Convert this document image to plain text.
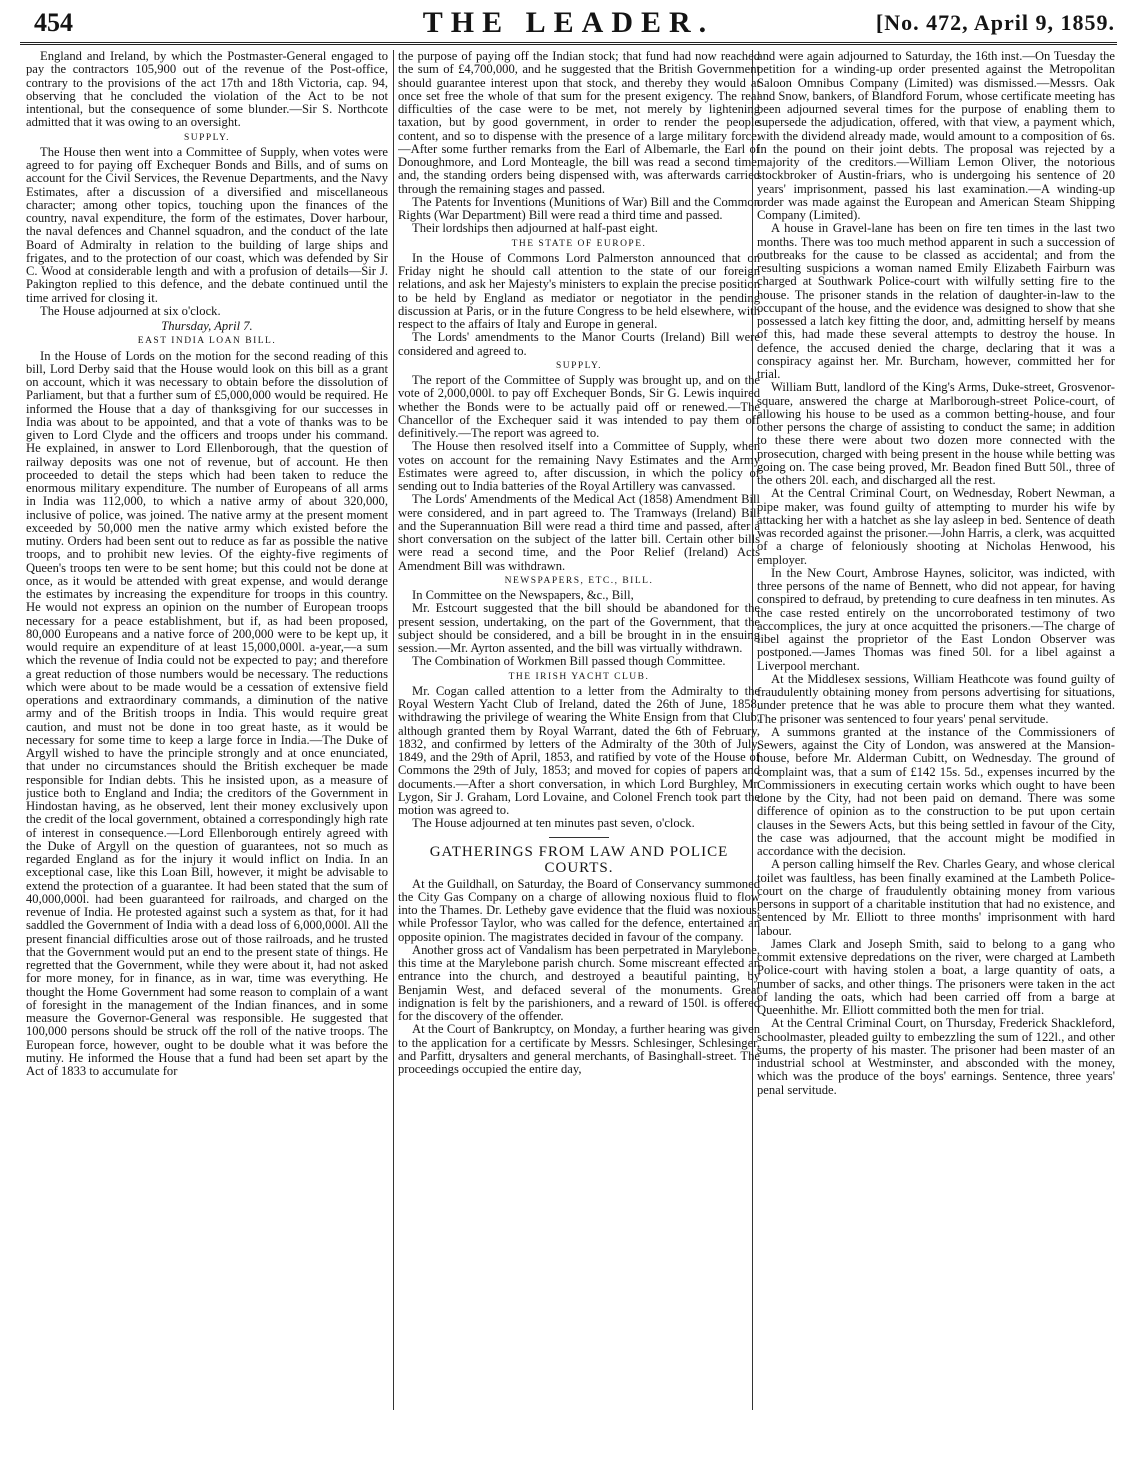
454	THE LEADER.	[No. 472, April 9, 1859.

England and Ireland, by which the Postmaster-General engaged to pay the contractors 105,900 out of the revenue of the Post-office, contrary to the provisions of the act 17th and 18th Victoria, cap. 94, observing that he concluded the violation of the Act to be not intentional, but the consequence of some blunder.—Sir S. Northcote admitted that it was owing to an oversight.

SUPPLY.

The House then went into a Committee of Supply, when votes were agreed to for paying off Exchequer Bonds and Bills, and of sums on account for the Civil Services, the Revenue Departments, and the Navy Estimates, after a discussion of a diversified and miscellaneous character; among other topics, touching upon the finances of the country, naval expenditure, the form of the estimates, Dover harbour, the naval defences and Channel squadron, and the conduct of the late Board of Admiralty in relation to the building of large ships and frigates, and to the protection of our coast, which was defended by Sir C. Wood at considerable length and with a profusion of details—Sir J. Pakington replied to this defence, and the debate continued until the time arrived for closing it.

The House adjourned at six o'clock.

Thursday, April 7.

EAST INDIA LOAN BILL.

In the House of Lords on the motion for the second reading of this bill, Lord Derby said that the House would look on this bill as a grant on account, which it was necessary to obtain before the dissolution of Parliament, but that a further sum of £5,000,000 would be required. He informed the House that a day of thanksgiving for our successes in India was about to be appointed, and that a vote of thanks was to be given to Lord Clyde and the officers and troops under his command. He explained, in answer to Lord Ellenborough, that the question of railway deposits was one not of revenue, but of account. He then proceeded to detail the steps which had been taken to reduce the enormous military expenditure. The number of Europeans of all arms in India was 112,000, to which a native army of about 320,000, inclusive of police, was joined. The native army at the present moment exceeded by 50,000 men the native army which existed before the mutiny. Orders had been sent out to reduce as far as possible the native troops, and to prohibit new levies. Of the eighty-five regiments of Queen's troops ten were to be sent home; but this could not be done at once, as it would be attended with great expense, and would derange the estimates by increasing the expenditure for troops in this country. He would not express an opinion on the number of European troops necessary for a peace establishment, but if, as had been proposed, 80,000 Europeans and a native force of 200,000 were to be kept up, it would require an expenditure of at least 15,000,000l. a-year,—a sum which the revenue of India could not be expected to pay; and therefore a great reduction of those numbers would be necessary. The reductions which were about to be made would be a cessation of extensive field operations and extraordinary commands, a diminution of the native army and of the British troops in India. This would require great caution, and must not be done in too great haste, as it would be necessary for some time to keep a large force in India.—The Duke of Argyll wished to have the principle strongly and at once enunciated, that under no circumstances should the British exchequer be made responsible for Indian debts. This he insisted upon, as a measure of justice both to England and India; the creditors of the Government in Hindostan having, as he observed, lent their money exclusively upon the credit of the local government, obtained a correspondingly high rate of interest in consequence.—Lord Ellenborough entirely agreed with the Duke of Argyll on the question of guarantees, not so much as regarded England as for the injury it would inflict on India. In an exceptional case, like this Loan Bill, however, it might be advisable to extend the protection of a guarantee. It had been stated that the sum of 40,000,000l. had been guaranteed for railroads, and charged on the revenue of India. He protested against such a system as that, for it had saddled the Government of India with a dead loss of 6,000,000l. All the present financial difficulties arose out of those railroads, and he trusted that the Government would put an end to the present state of things. He regretted that the Government, while they were about it, had not asked for more money, for in finance, as in war, time was everything. He thought the Home Government had some reason to complain of a want of foresight in the management of the Indian finances, and in some measure the Governor-General was responsible. He suggested that 100,000 persons should be struck off the roll of the native troops. The European force, however, ought to be double what it was before the mutiny. He informed the House that a fund had been set apart by the Act of 1833 to accumulate for

the purpose of paying off the Indian stock; that fund had now reached the sum of £4,700,000, and he suggested that the British Government should guarantee interest upon that stock, and thereby they would at once set free the whole of that sum for the present exigency. The real difficulties of the case were to be met, not merely by lightening taxation, but by good government, in order to render the people content, and so to dispense with the presence of a large military force.—After some further remarks from the Earl of Albemarle, the Earl of Donoughmore, and Lord Monteagle, the bill was read a second time, and, the standing orders being dispensed with, was afterwards carried through the remaining stages and passed.

The Patents for Inventions (Munitions of War) Bill and the Common Rights (War Department) Bill were read a third time and passed.

Their lordships then adjourned at half-past eight.

THE STATE OF EUROPE.

In the House of Commons Lord Palmerston announced that on Friday night he should call attention to the state of our foreign relations, and ask her Majesty's ministers to explain the precise position to be held by England as mediator or negotiator in the pending discussion at Paris, or in the future Congress to be held elsewhere, with respect to the affairs of Italy and Europe in general.

The Lords' amendments to the Manor Courts (Ireland) Bill were considered and agreed to.

SUPPLY.

The report of the Committee of Supply was brought up, and on the vote of 2,000,000l. to pay off Exchequer Bonds, Sir G. Lewis inquired whether the Bonds were to be actually paid off or renewed.—The Chancellor of the Exchequer said it was intended to pay them off definitively.—The report was agreed to.

The House then resolved itself into a Committee of Supply, when votes on account for the remaining Navy Estimates and the Army Estimates were agreed to, after discussion, in which the policy of sending out to India batteries of the Royal Artillery was canvassed.

The Lords' Amendments of the Medical Act (1858) Amendment Bill were considered, and in part agreed to. The Tramways (Ireland) Bill and the Superannuation Bill were read a third time and passed, after a short conversation on the subject of the latter bill. Certain other bills were read a second time, and the Poor Relief (Ireland) Acts Amendment Bill was withdrawn.

NEWSPAPERS, ETC., BILL.

In Committee on the Newspapers, &c., Bill,

Mr. Estcourt suggested that the bill should be abandoned for the present session, undertaking, on the part of the Government, that the subject should be considered, and a bill be brought in in the ensuing session.—Mr. Ayrton assented, and the bill was virtually withdrawn.

The Combination of Workmen Bill passed though Committee.

THE IRISH YACHT CLUB.

Mr. Cogan called attention to a letter from the Admiralty to the Royal Western Yacht Club of Ireland, dated the 26th of June, 1858, withdrawing the privilege of wearing the White Ensign from that Club, although granted them by Royal Warrant, dated the 6th of February, 1832, and confirmed by letters of the Admiralty of the 30th of July, 1849, and the 29th of April, 1853, and ratified by vote of the House of Commons the 29th of July, 1853; and moved for copies of papers and documents.—After a short conversation, in which Lord Burghley, Mr. Lygon, Sir J. Graham, Lord Lovaine, and Colonel French took part the motion was agreed to.

The House adjourned at ten minutes past seven, o'clock.

GATHERINGS FROM LAW AND POLICE COURTS.

At the Guildhall, on Saturday, the Board of Conservancy summoned the City Gas Company on a charge of allowing noxious fluid to flow into the Thames. Dr. Letheby gave evidence that the fluid was noxious, while Professor Taylor, who was called for the defence, entertained an opposite opinion. The magistrates decided in favour of the company.

Another gross act of Vandalism has been perpetrated in Marylebone, this time at the Marylebone parish church. Some miscreant effected an entrance into the church, and destroyed a beautiful painting, by Benjamin West, and defaced several of the monuments. Great indignation is felt by the parishioners, and a reward of 150l. is offered for the discovery of the offender.

At the Court of Bankruptcy, on Monday, a further hearing was given to the application for a certificate by Messrs. Schlesinger, Schlesinger, and Parfitt, drysalters and general merchants, of Basinghall-street. The proceedings occupied the entire day,

and were again adjourned to Saturday, the 16th inst.—On Tuesday the petition for a winding-up order presented against the Metropolitan Saloon Omnibus Company (Limited) was dismissed.—Messrs. Oak and Snow, bankers, of Blandford Forum, whose certificate meeting has been adjourned several times for the purpose of enabling them to supersede the adjudication, offered, with that view, a payment which, with the dividend already made, would amount to a composition of 6s. in the pound on their joint debts. The proposal was rejected by a majority of the creditors.—William Lemon Oliver, the notorious stockbroker of Austin-friars, who is undergoing his sentence of 20 years' imprisonment, passed his last examination.—A winding-up order was made against the European and American Steam Shipping Company (Limited).

A house in Gravel-lane has been on fire ten times in the last two months. There was too much method apparent in such a succession of outbreaks for the cause to be classed as accidental; and from the resulting suspicions a woman named Emily Elizabeth Fairburn was charged at Southwark Police-court with wilfully setting fire to the house. The prisoner stands in the relation of daughter-in-law to the occupant of the house, and the evidence was designed to show that she possessed a latch key fitting the door, and, admitting herself by means of this, had made these several attempts to destroy the house. In defence, the accused denied the charge, declaring that it was a conspiracy against her. Mr. Burcham, however, committed her for trial.

William Butt, landlord of the King's Arms, Duke-street, Grosvenor-square, answered the charge at Marlborough-street Police-court, of allowing his house to be used as a common betting-house, and four other persons the charge of assisting to conduct the same; in addition to these there were about two dozen more connected with the prosecution, charged with being present in the house while betting was going on. The case being proved, Mr. Beadon fined Butt 50l., three of the others 20l. each, and discharged all the rest.

At the Central Criminal Court, on Wednesday, Robert Newman, a pipe maker, was found guilty of attempting to murder his wife by attacking her with a hatchet as she lay asleep in bed. Sentence of death was recorded against the prisoner.—John Harris, a clerk, was acquitted of a charge of feloniously shooting at Nicholas Henwood, his employer.

In the New Court, Ambrose Haynes, solicitor, was indicted, with three persons of the name of Bennett, who did not appear, for having conspired to defraud, by pretending to cure deafness in ten minutes. As the case rested entirely on the uncorroborated testimony of two accomplices, the jury at once acquitted the prisoners.—The charge of libel against the proprietor of the East London Observer was postponed.—James Thomas was fined 50l. for a libel against a Liverpool merchant.

At the Middlesex sessions, William Heathcote was found guilty of fraudulently obtaining money from persons advertising for situations, under pretence that he was able to procure them what they wanted. The prisoner was sentenced to four years' penal servitude.

A summons granted at the instance of the Commissioners of Sewers, against the City of London, was answered at the Mansion-house, before Mr. Alderman Cubitt, on Wednesday. The ground of complaint was, that a sum of £142 15s. 5d., expenses incurred by the Commissioners in executing certain works which ought to have been done by the City, had not been paid on demand. There was some difference of opinion as to the construction to be put upon certain clauses in the Sewers Acts, but this being settled in favour of the City, the case was adjourned, that the account might be modified in accordance with the decision.

A person calling himself the Rev. Charles Geary, and whose clerical toilet was faultless, has been finally examined at the Lambeth Police-court on the charge of fraudulently obtaining money from various persons in support of a charitable institution that had no existence, and sentenced by Mr. Elliott to three months' imprisonment with hard labour.

James Clark and Joseph Smith, said to belong to a gang who commit extensive depredations on the river, were charged at Lambeth Police-court with having stolen a boat, a large quantity of oats, a number of sacks, and other things. The prisoners were taken in the act of landing the oats, which had been carried off from a barge at Queenhithe. Mr. Elliott committed both the men for trial.

At the Central Criminal Court, on Thursday, Frederick Shackleford, schoolmaster, pleaded guilty to embezzling the sum of 122l., and other sums, the property of his master. The prisoner had been master of an industrial school at Westminster, and absconded with the money, which was the produce of the boys' earnings. Sentence, three years' penal servitude.
